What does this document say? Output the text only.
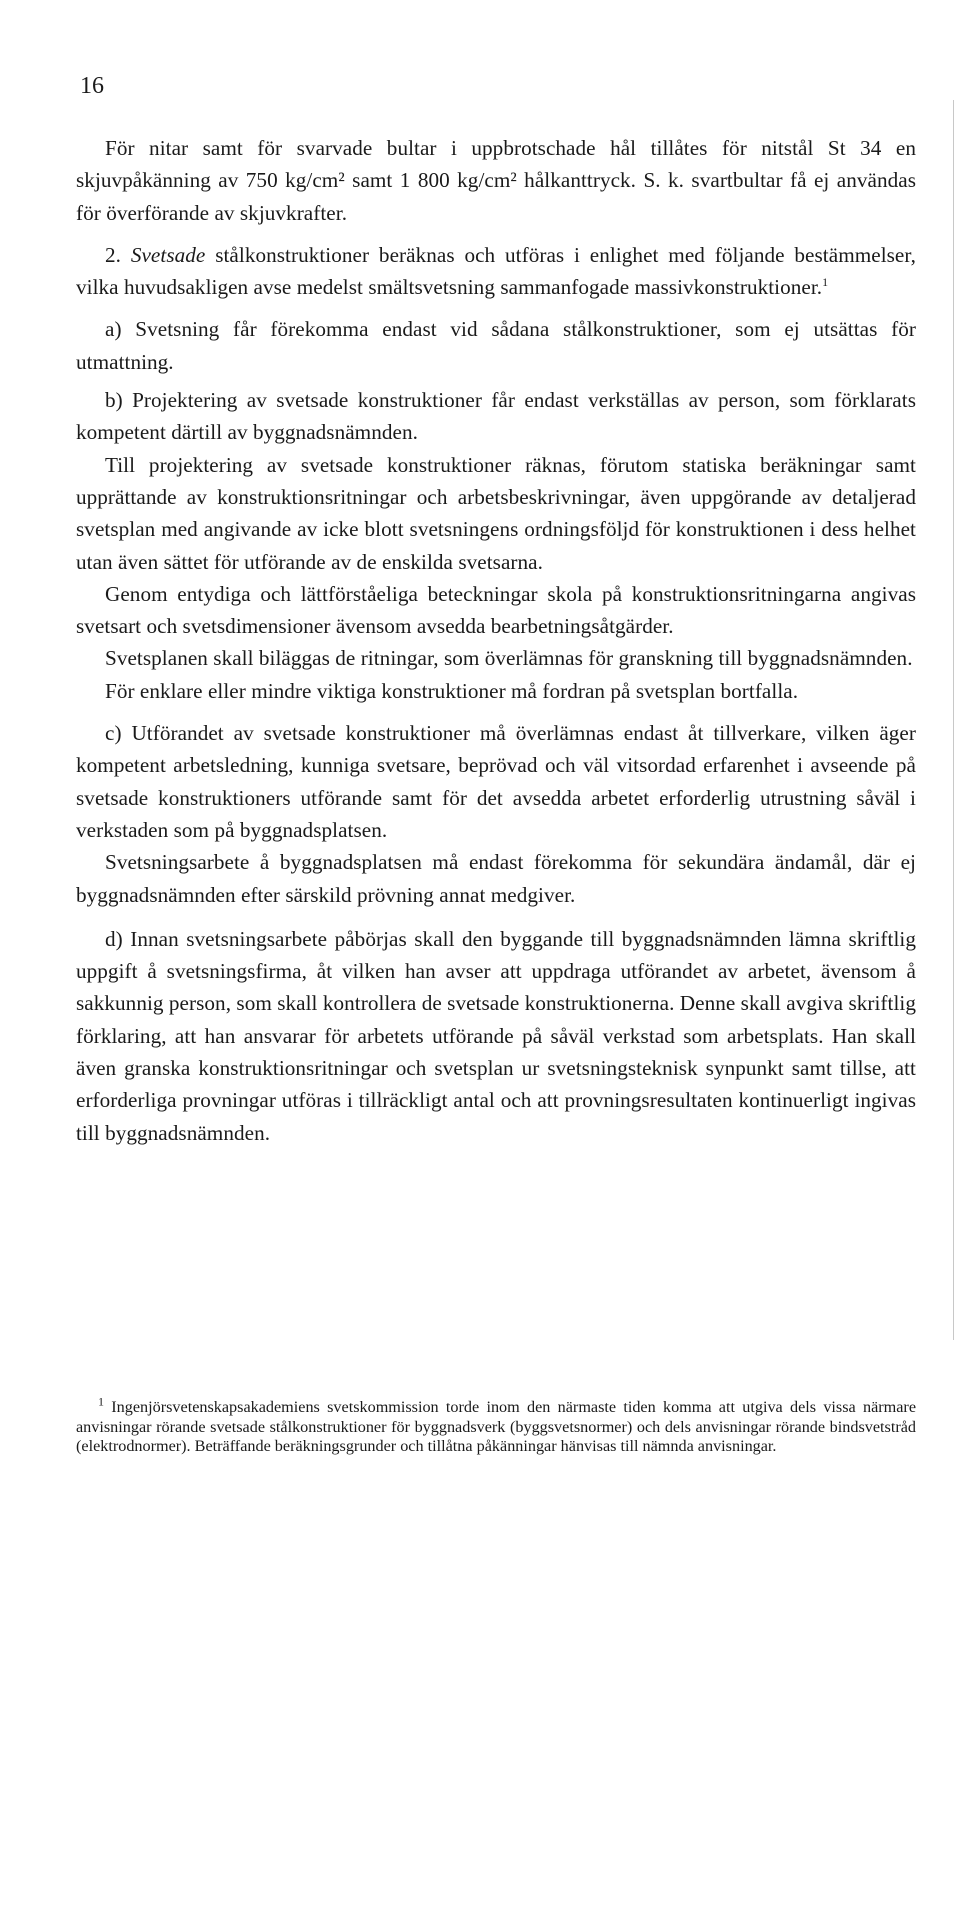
16

För nitar samt för svarvade bultar i uppbrotschade hål tillåtes för nitstål St 34 en skjuvpåkänning av 750 kg/cm² samt 1 800 kg/cm² hålkanttryck. S. k. svartbultar få ej användas för överförande av skjuvkrafter.

2. Svetsade stålkonstruktioner beräknas och utföras i enlighet med följande bestämmelser, vilka huvudsakligen avse medelst smältsvetsning sammanfogade massivkonstruktioner.$^1$

a) Svetsning får förekomma endast vid sådana stålkonstruktioner, som ej utsättas för utmattning.

b) Projektering av svetsade konstruktioner får endast verkställas av person, som förklarats kompetent därtill av byggnadsnämnden.

Till projektering av svetsade konstruktioner räknas, förutom statiska beräkningar samt upprättande av konstruktionsritningar och arbetsbeskrivningar, även uppgörande av detaljerad svetsplan med angivande av icke blott svetsningens ordningsföljd för konstruktionen i dess helhet utan även sättet för utförande av de enskilda svetsarna.

Genom entydiga och lättförståeliga beteckningar skola på konstruktionsritningarna angivas svetsart och svetsdimensioner ävensom avsedda bearbetningsåtgärder.

Svetsplanen skall biläggas de ritningar, som överlämnas för granskning till byggnadsnämnden.

För enklare eller mindre viktiga konstruktioner må fordran på svetsplan bortfalla.

c) Utförandet av svetsade konstruktioner må överlämnas endast åt tillverkare, vilken äger kompetent arbetsledning, kunniga svetsare, beprövad och väl vitsordad erfarenhet i avseende på svetsade konstruktioners utförande samt för det avsedda arbetet erforderlig utrustning såväl i verkstaden som på byggnadsplatsen.

Svetsningsarbete å byggnadsplatsen må endast förekomma för sekundära ändamål, där ej byggnadsnämnden efter särskild prövning annat medgiver.

d) Innan svetsningsarbete påbörjas skall den byggande till byggnadsnämnden lämna skriftlig uppgift å svetsningsfirma, åt vilken han avser att uppdraga utförandet av arbetet, ävensom å sakkunnig person, som skall kontrollera de svetsade konstruktionerna. Denne skall avgiva skriftlig förklaring, att han ansvarar för arbetets utförande på såväl verkstad som arbetsplats. Han skall även granska konstruktionsritningar och svetsplan ur svetsningsteknisk synpunkt samt tillse, att erforderliga provningar utföras i tillräckligt antal och att provningsresultaten kontinuerligt ingivas till byggnadsnämnden.

$^1$ Ingenjörsvetenskapsakademiens svetskommission torde inom den närmaste tiden komma att utgiva dels vissa närmare anvisningar rörande svetsade stålkonstruktioner för byggnadsverk (byggsvetsnormer) och dels anvisningar rörande bindsvetstråd (elektrodnormer). Beträffande beräkningsgrunder och tillåtna påkänningar hänvisas till nämnda anvisningar.
